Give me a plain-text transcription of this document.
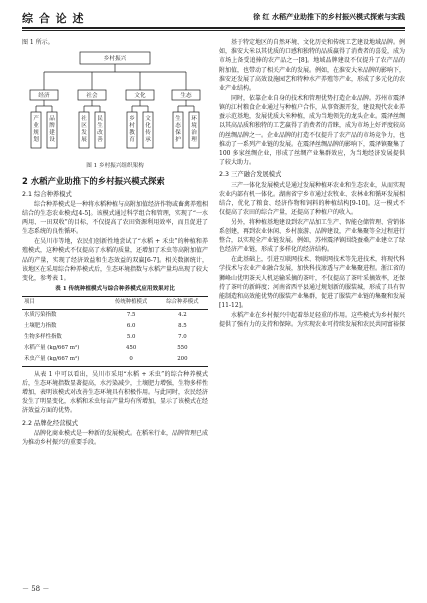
综 合 论 述	徐 红 水稻产业助推下的乡村振兴模式探索与实践

图 1 所示。

乡村振兴
经济	社会	文化	生态
产业规划
品牌建设
社区发展
民生改善
乡村教育
文化传承
生态保护
环境治理
图 1 乡村振兴组织架构
2 水稻产业助推下的乡村振兴模式探索
2.1 综合种养模式

综合种养模式是一种将水稻种植与高附加值经济作物或畜禽养殖相结合的生态农业模式[4-5]。该模式通过科学组合和管理，实现了“一水两用、一田双收”的目标，不仅提高了农田资源利用效率，而且促进了生态系统的良性循环。

在吴川市等地，农民们创新性地尝试了“水稻 + 禾虫”的种植和养殖模式，这种模式不仅提高了水稻的质量，还增加了禾虫等高附加值产品的产量，实现了经济效益和生态效益的双赢[6-7]。相关数据统计，该地区在采用综合种养模式后，生态环境指数与水稻产量均出现了较大变化，参考表 1。

表 1 传统种植模式与综合种养模式应用效果对比
项目	传统种植模式	综合种养模式
水质污染指数	7.5	4.2
土壤肥力指数	6.0	8.5
生物多样性指数	5.0	7.0
水稻产量 (kg/667 m²)	450	550
禾虫产量 (kg/667 m²)	0	200

从表 1 中可以看出，吴川市采用“水稻 + 禾虫”的综合种养模式后，生态环境指数显著提高，水污染减少，土壤肥力增强，生物多样性增加，表明该模式对改善生态环境具有积极作用。与此同时，农民经济发生了明显变化，水稻和禾虫每亩产量均有所增加，显示了该模式在经济效益方面的优势。

2.2 品牌化经营模式

品牌化商业模式是一种新的发展模式。在稻米行业，品牌管理已成为推动乡村振兴的重要手段。

基于特定地区的自然环境、文化历史和传统工艺建设地域品牌。例如，淮安大米以其优质的口感和独特的品质赢得了消费者的喜爱，成为市场上备受追捧的农产品之一[8]。地域品牌建设不仅提升了农产品的附加值，也带动了相关产业的发展。例如，在淮安大米品牌的影响下，淮安还发展了高效设施园艺和特种水产养殖等产业，形成了多元化的农业产业结构。

同时，依靠企业自身的技术和管理优势打造企业品牌。苏州市震泽镇的江村粮食企业通过与种植户合作，从事资源开发，建设现代农业养蚕示范基地，发展优质大米种植，成为当地领先的龙头企业。震泽丝绸以其高品质和独特的工艺赢得了消费者的青睐，成为市场上好评度较高的丝绸品牌之一。企业品牌的打造不仅提升了农产品的市场竞争力，也推动了一系列产业链的发展。在震泽丝绸品牌的影响下，震泽镇聚集了 100 多家丝绸企业，形成了丝绸产业集群效应，为当地经济发展提供了较大助力。

2.3 三产融合发展模式

三产一体化发展模式是通过发展种植环农业和生态农业，从而实现农业内部有机一体化。湖南省宁乡市通过农牧业、农林业和循环发展相结合，优化了粮食、经济作物和饲料的种植结构[9-10]。这一模式不仅提高了农田的综合产量，还提高了种植户的收入。

另外，将种植基地建设到农产品加工生产、智能仓储管理、营销体系创建，再到农业休闲、乡村旅游、品牌建设，产业集聚等全过程进行整合，以实现全产业链发展。例如，苏州震泽镇围绕蚕桑产业建立了绿色经济产业链，形成了多样化的经济结构。

在此基础上，引进互联网技术、物联网技术等先进技术，将现代科学技术与农业产业融合发展，加快科技渗透与产业集聚进程。浙江省的狮峰山优明茶天人机运输采摘的茶叶，不仅提高了茶叶采摘效率，还保持了茶叶的新鲜度；河南省西平县通过规划新的服装城，形成了具有智能制造和高效能优势的服装产业集群，促进了服装产业链的集聚和发展[11-12]。

水稻产业在乡村振兴中起着举足轻重的作用。这些模式为乡村振兴提供了强有力的支持和保障。为实现农业可持续发展和农民共同富裕探

－ 58 －
